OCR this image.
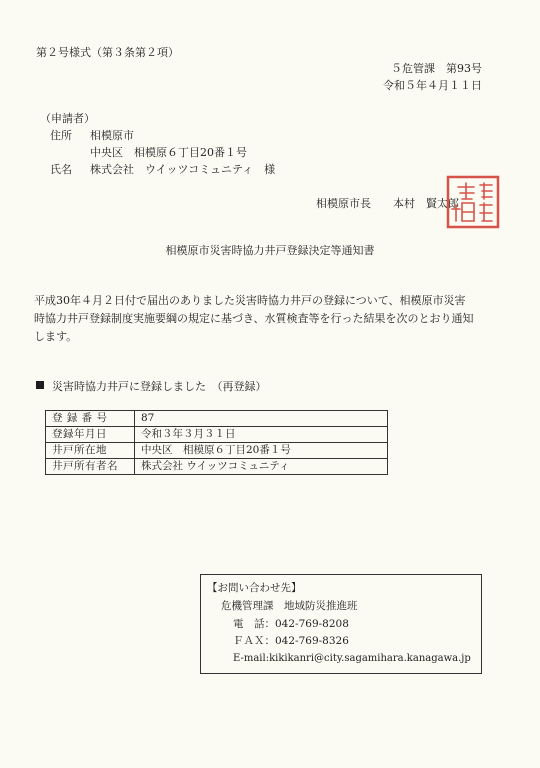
第２号様式（第３条第２項）
５危管課　第93号
令和５年４月１１日
（申請者）
住所 相模原市
中央区　相模原６丁目20番１号
氏名 株式会社　ウイッツコミュニティ　様
相模原市長　　本村　賢太郎
相模原市災害時協力井戸登録決定等通知書
平成30年４月２日付で届出のありました災害時協力井戸の登録について、相模原市災害
時協力井戸登録制度実施要綱の規定に基づき、水質検査等を行った結果を次のとおり通知
します。
災害時協力井戸に登録しました　（再登録）
登 録 番 号	87
登録年月日	令和３年３月３１日
井戸所在地	中央区　相模原６丁目20番１号
井戸所有者名	株式会社 ウイッツコミュニティ
【お問い合わせ先】
危機管理課　地域防災推進班
電　話：042-769-8208
ＦＡＸ：042-769-8326
E-mail:kikikanri@city.sagamihara.kanagawa.jp
